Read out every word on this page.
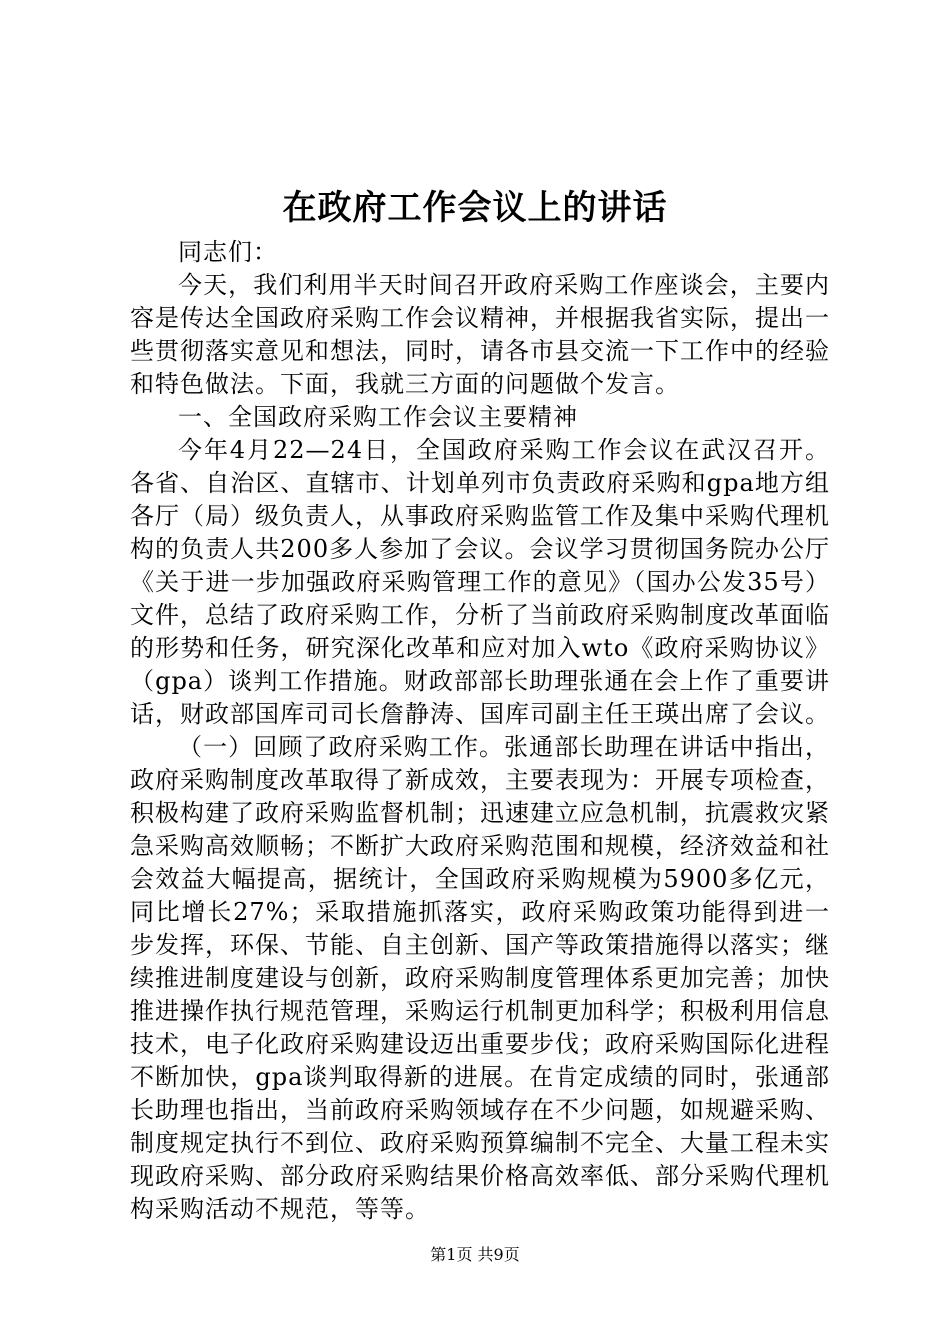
在政府工作会议上的讲话

同志们：

今天，我们利用半天时间召开政府采购工作座谈会，主要内容是传达全国政府采购工作会议精神，并根据我省实际，提出一些贯彻落实意见和想法，同时，请各市县交流一下工作中的经验和特色做法。下面，我就三方面的问题做个发言。

一、全国政府采购工作会议主要精神

今年4月22—24日，全国政府采购工作会议在武汉召开。各省、自治区、直辖市、计划单列市负责政府采购和gpa地方组各厅（局）级负责人，从事政府采购监管工作及集中采购代理机构的负责人共200多人参加了会议。会议学习贯彻国务院办公厅《关于进一步加强政府采购管理工作的意见》（国办公发35号）文件，总结了政府采购工作，分析了当前政府采购制度改革面临的形势和任务，研究深化改革和应对加入wto《政府采购协议》（gpa）谈判工作措施。财政部部长助理张通在会上作了重要讲话，财政部国库司司长詹静涛、国库司副主任王瑛出席了会议。

（一）回顾了政府采购工作。张通部长助理在讲话中指出，政府采购制度改革取得了新成效，主要表现为：开展专项检查，积极构建了政府采购监督机制；迅速建立应急机制，抗震救灾紧急采购高效顺畅；不断扩大政府采购范围和规模，经济效益和社会效益大幅提高，据统计，全国政府采购规模为5900多亿元，同比增长27%；采取措施抓落实，政府采购政策功能得到进一步发挥，环保、节能、自主创新、国产等政策措施得以落实；继续推进制度建设与创新，政府采购制度管理体系更加完善；加快推进操作执行规范管理，采购运行机制更加科学；积极利用信息技术，电子化政府采购建设迈出重要步伐；政府采购国际化进程不断加快，gpa谈判取得新的进展。在肯定成绩的同时，张通部长助理也指出，当前政府采购领域存在不少问题，如规避采购、制度规定执行不到位、政府采购预算编制不完全、大量工程未实现政府采购、部分政府采购结果价格高效率低、部分采购代理机构采购活动不规范，等等。

第1页 共9页
